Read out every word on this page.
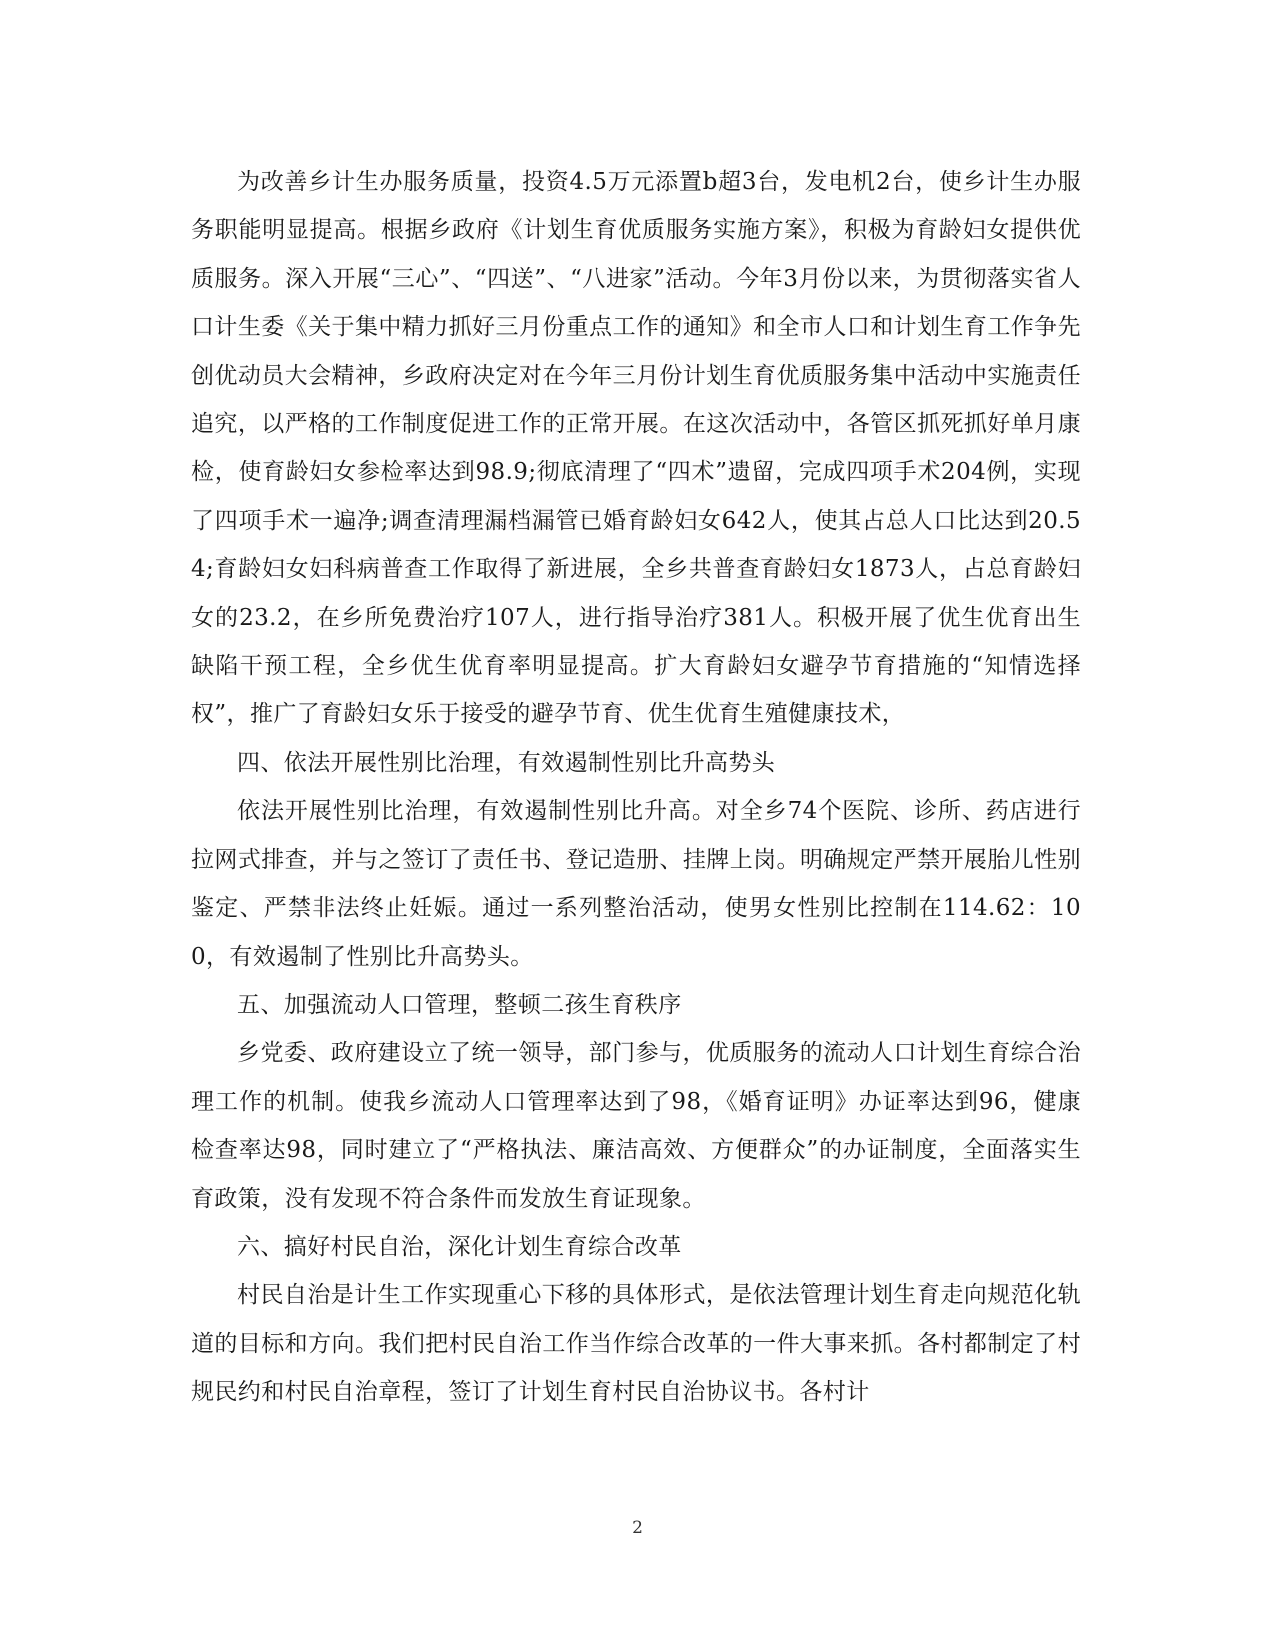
为改善乡计生办服务质量，投资4.5万元添置b超3台，发电机2台，使乡计生办服务职能明显提高。根据乡政府《计划生育优质服务实施方案》，积极为育龄妇女提供优质服务。深入开展“三心”、“四送”、“八进家”活动。今年3月份以来，为贯彻落实省人口计生委《关于集中精力抓好三月份重点工作的通知》和全市人口和计划生育工作争先创优动员大会精神，乡政府决定对在今年三月份计划生育优质服务集中活动中实施责任追究，以严格的工作制度促进工作的正常开展。在这次活动中，各管区抓死抓好单月康检，使育龄妇女参检率达到98.9;彻底清理了“四术”遗留，完成四项手术204例，实现了四项手术一遍净;调查清理漏档漏管已婚育龄妇女642人，使其占总人口比达到20.54;育龄妇女妇科病普查工作取得了新进展，全乡共普查育龄妇女1873人，占总育龄妇女的23.2，在乡所免费治疗107人，进行指导治疗381人。积极开展了优生优育出生缺陷干预工程，全乡优生优育率明显提高。扩大育龄妇女避孕节育措施的“知情选择权”，推广了育龄妇女乐于接受的避孕节育、优生优育生殖健康技术，

四、依法开展性别比治理，有效遏制性别比升高势头

依法开展性别比治理，有效遏制性别比升高。对全乡74个医院、诊所、药店进行拉网式排查，并与之签订了责任书、登记造册、挂牌上岗。明确规定严禁开展胎儿性别鉴定、严禁非法终止妊娠。通过一系列整治活动，使男女性别比控制在114.62：100，有效遏制了性别比升高势头。

五、加强流动人口管理，整顿二孩生育秩序

乡党委、政府建设立了统一领导，部门参与，优质服务的流动人口计划生育综合治理工作的机制。使我乡流动人口管理率达到了98，《婚育证明》办证率达到96，健康检查率达98，同时建立了“严格执法、廉洁高效、方便群众”的办证制度，全面落实生育政策，没有发现不符合条件而发放生育证现象。

六、搞好村民自治，深化计划生育综合改革

村民自治是计生工作实现重心下移的具体形式，是依法管理计划生育走向规范化轨道的目标和方向。我们把村民自治工作当作综合改革的一件大事来抓。各村都制定了村规民约和村民自治章程，签订了计划生育村民自治协议书。各村计

2
